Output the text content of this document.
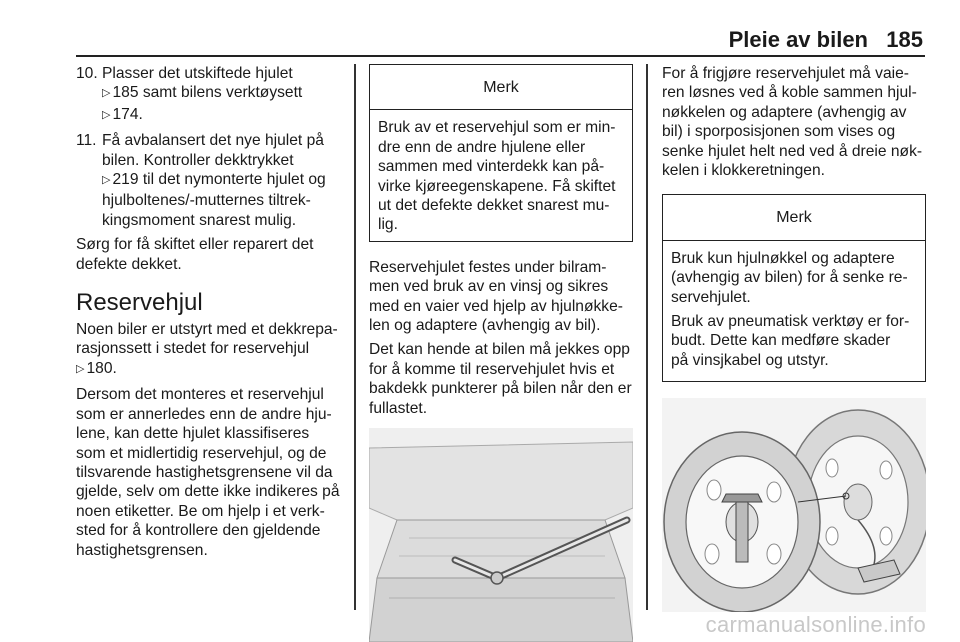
Pleie av bilen 185
10. Plasser det utskiftede hjulet
▷ 185 samt bilens verktøysett
▷ 174.
11. Få avbalansert det nye hjulet på
bilen. Kontroller dekktrykket
▷ 219 til det nymonterte hjulet og
hjulboltenes/-mutternes tiltrek-
kingsmoment snarest mulig.

Sørg for få skiftet eller reparert det
defekte dekket.

Reservehjul

Noen biler er utstyrt med et dekkrepa-
rasjonssett i stedet for reservehjul
▷ 180.

Dersom det monteres et reservehjul
som er annerledes enn de andre hju-
lene, kan dette hjulet klassifiseres
som et midlertidig reservehjul, og de
tilsvarende hastighetsgrensene vil da
gjelde, selv om dette ikke indikeres på
noen etiketter. Be om hjelp i et verk-
sted for å kontrollere den gjeldende
hastighetsgrensen.

Merk
Bruk av et reservehjul som er min-
dre enn de andre hjulene eller
sammen med vinterdekk kan på-
virke kjøreegenskapene. Få skiftet
ut det defekte dekket snarest mu-
lig.

Reservehjulet festes under bilram-
men ved bruk av en vinsj og sikres
med en vaier ved hjelp av hjulnøkke-
len og adaptere (avhengig av bil).

Det kan hende at bilen må jekkes opp
for å komme til reservehjulet hvis et
bakdekk punkterer på bilen når den er
fullastet.

For å frigjøre reservehjulet må vaie-
ren løsnes ved å koble sammen hjul-
nøkkelen og adaptere (avhengig av
bil) i sporposisjonen som vises og
senke hjulet helt ned ved å dreie nøk-
kelen i klokkeretningen.

Merk

Bruk kun hjulnøkkel og adaptere
(avhengig av bilen) for å senke re-
servehjulet.

Bruk av pneumatisk verktøy er for-
budt. Dette kan medføre skader
på vinsjkabel og utstyr.

carmanualsonline.info
